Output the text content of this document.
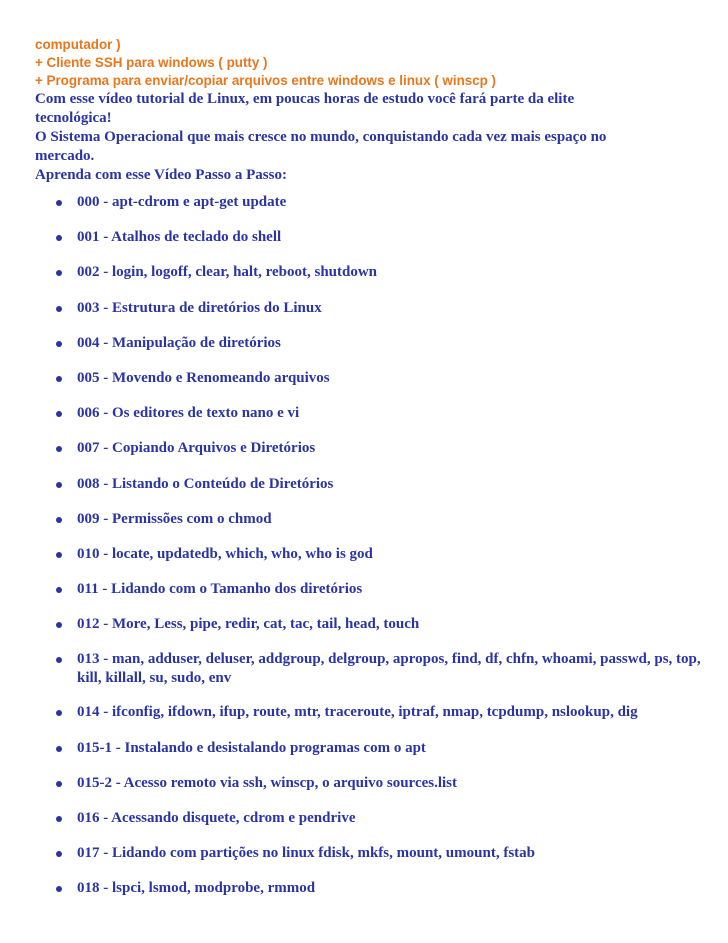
computador )
+ Cliente SSH para windows ( putty )
+ Programa para enviar/copiar arquivos entre windows e linux ( winscp )
Com esse vídeo tutorial de Linux, em poucas horas de estudo você fará parte da elite
tecnológica!
O Sistema Operacional que mais cresce no mundo, conquistando cada vez mais espaço no
mercado.
Aprenda com esse Vídeo Passo a Passo:
000 - apt-cdrom e apt-get update
001 - Atalhos de teclado do shell
002 - login, logoff, clear, halt, reboot, shutdown
003 - Estrutura de diretórios do Linux
004 - Manipulação de diretórios
005 - Movendo e Renomeando arquivos
006 - Os editores de texto nano e vi
007 - Copiando Arquivos e Diretórios
008 - Listando o Conteúdo de Diretórios
009 - Permissões com o chmod
010 - locate, updatedb, which, who, who is god
011 - Lidando com o Tamanho dos diretórios
012 - More, Less, pipe, redir, cat, tac, tail, head, touch
013 - man, adduser, deluser, addgroup, delgroup, apropos, find, df, chfn, whoami, passwd, ps, top, kill, killall, su, sudo, env
014 - ifconfig, ifdown, ifup, route, mtr, traceroute, iptraf, nmap, tcpdump, nslookup, dig
015-1 - Instalando e desistalando programas com o apt
015-2 - Acesso remoto via ssh, winscp, o arquivo sources.list
016 - Acessando disquete, cdrom e pendrive
017 - Lidando com partições no linux fdisk, mkfs, mount, umount, fstab
018 - lspci, lsmod, modprobe, rmmod
